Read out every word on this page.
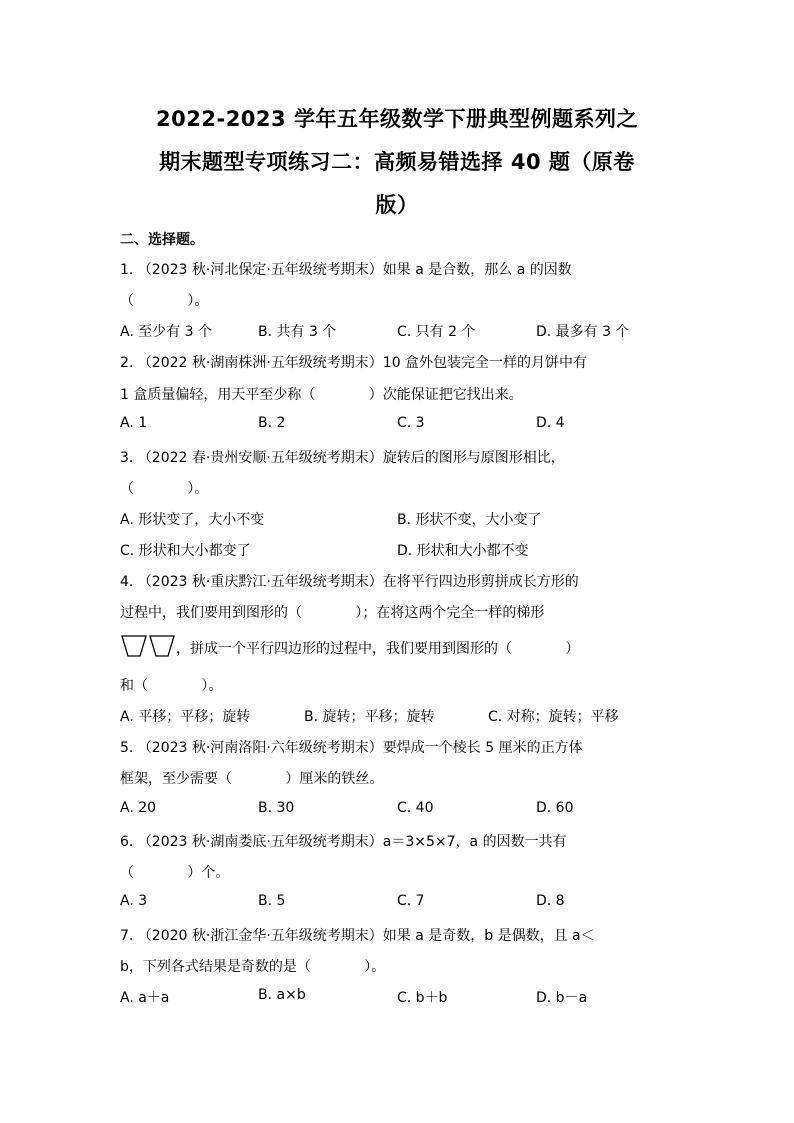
2022-2023 学年五年级数学下册典型例题系列之
期末题型专项练习二：高频易错选择 40 题（原卷
版）
二、选择题。
1. （2023 秋·河北保定·五年级统考期末）如果 a 是合数，那么 a 的因数
（            ）。
A. 至少有 3 个	B. 共有 3 个	C. 只有 2 个	D. 最多有 3 个
2. （2022 秋·湖南株洲·五年级统考期末）10 盒外包装完全一样的月饼中有
1 盒质量偏轻，用天平至少称（            ）次能保证把它找出来。
A. 1	B. 2	C. 3	D. 4
3. （2022 春·贵州安顺·五年级统考期末）旋转后的图形与原图形相比，
（            ）。
A. 形状变了，大小不变	B. 形状不变，大小变了
C. 形状和大小都变了	D. 形状和大小都不变
4. （2023 秋·重庆黔江·五年级统考期末）在将平行四边形剪拼成长方形的
过程中，我们要用到图形的（            ）；在将这两个完全一样的梯形
，拼成一个平行四边形的过程中，我们要用到图形的（            ）
和（            ）。
A. 平移；平移；旋转	B. 旋转；平移；旋转	C. 对称；旋转；平移
5. （2023 秋·河南洛阳·六年级统考期末）要焊成一个棱长 5 厘米的正方体
框架，至少需要（            ）厘米的铁丝。
A. 20	B. 30	C. 40	D. 60
6. （2023 秋·湖南娄底·五年级统考期末）a＝3×5×7，a 的因数一共有
（            ）个。
A. 3	B. 5	C. 7	D. 8
7. （2020 秋·浙江金华·五年级统考期末）如果 a 是奇数，b 是偶数，且 a＜
b，下列各式结果是奇数的是（            ）。
A. a＋a	B. a×b	C. b＋b	D. b－a
